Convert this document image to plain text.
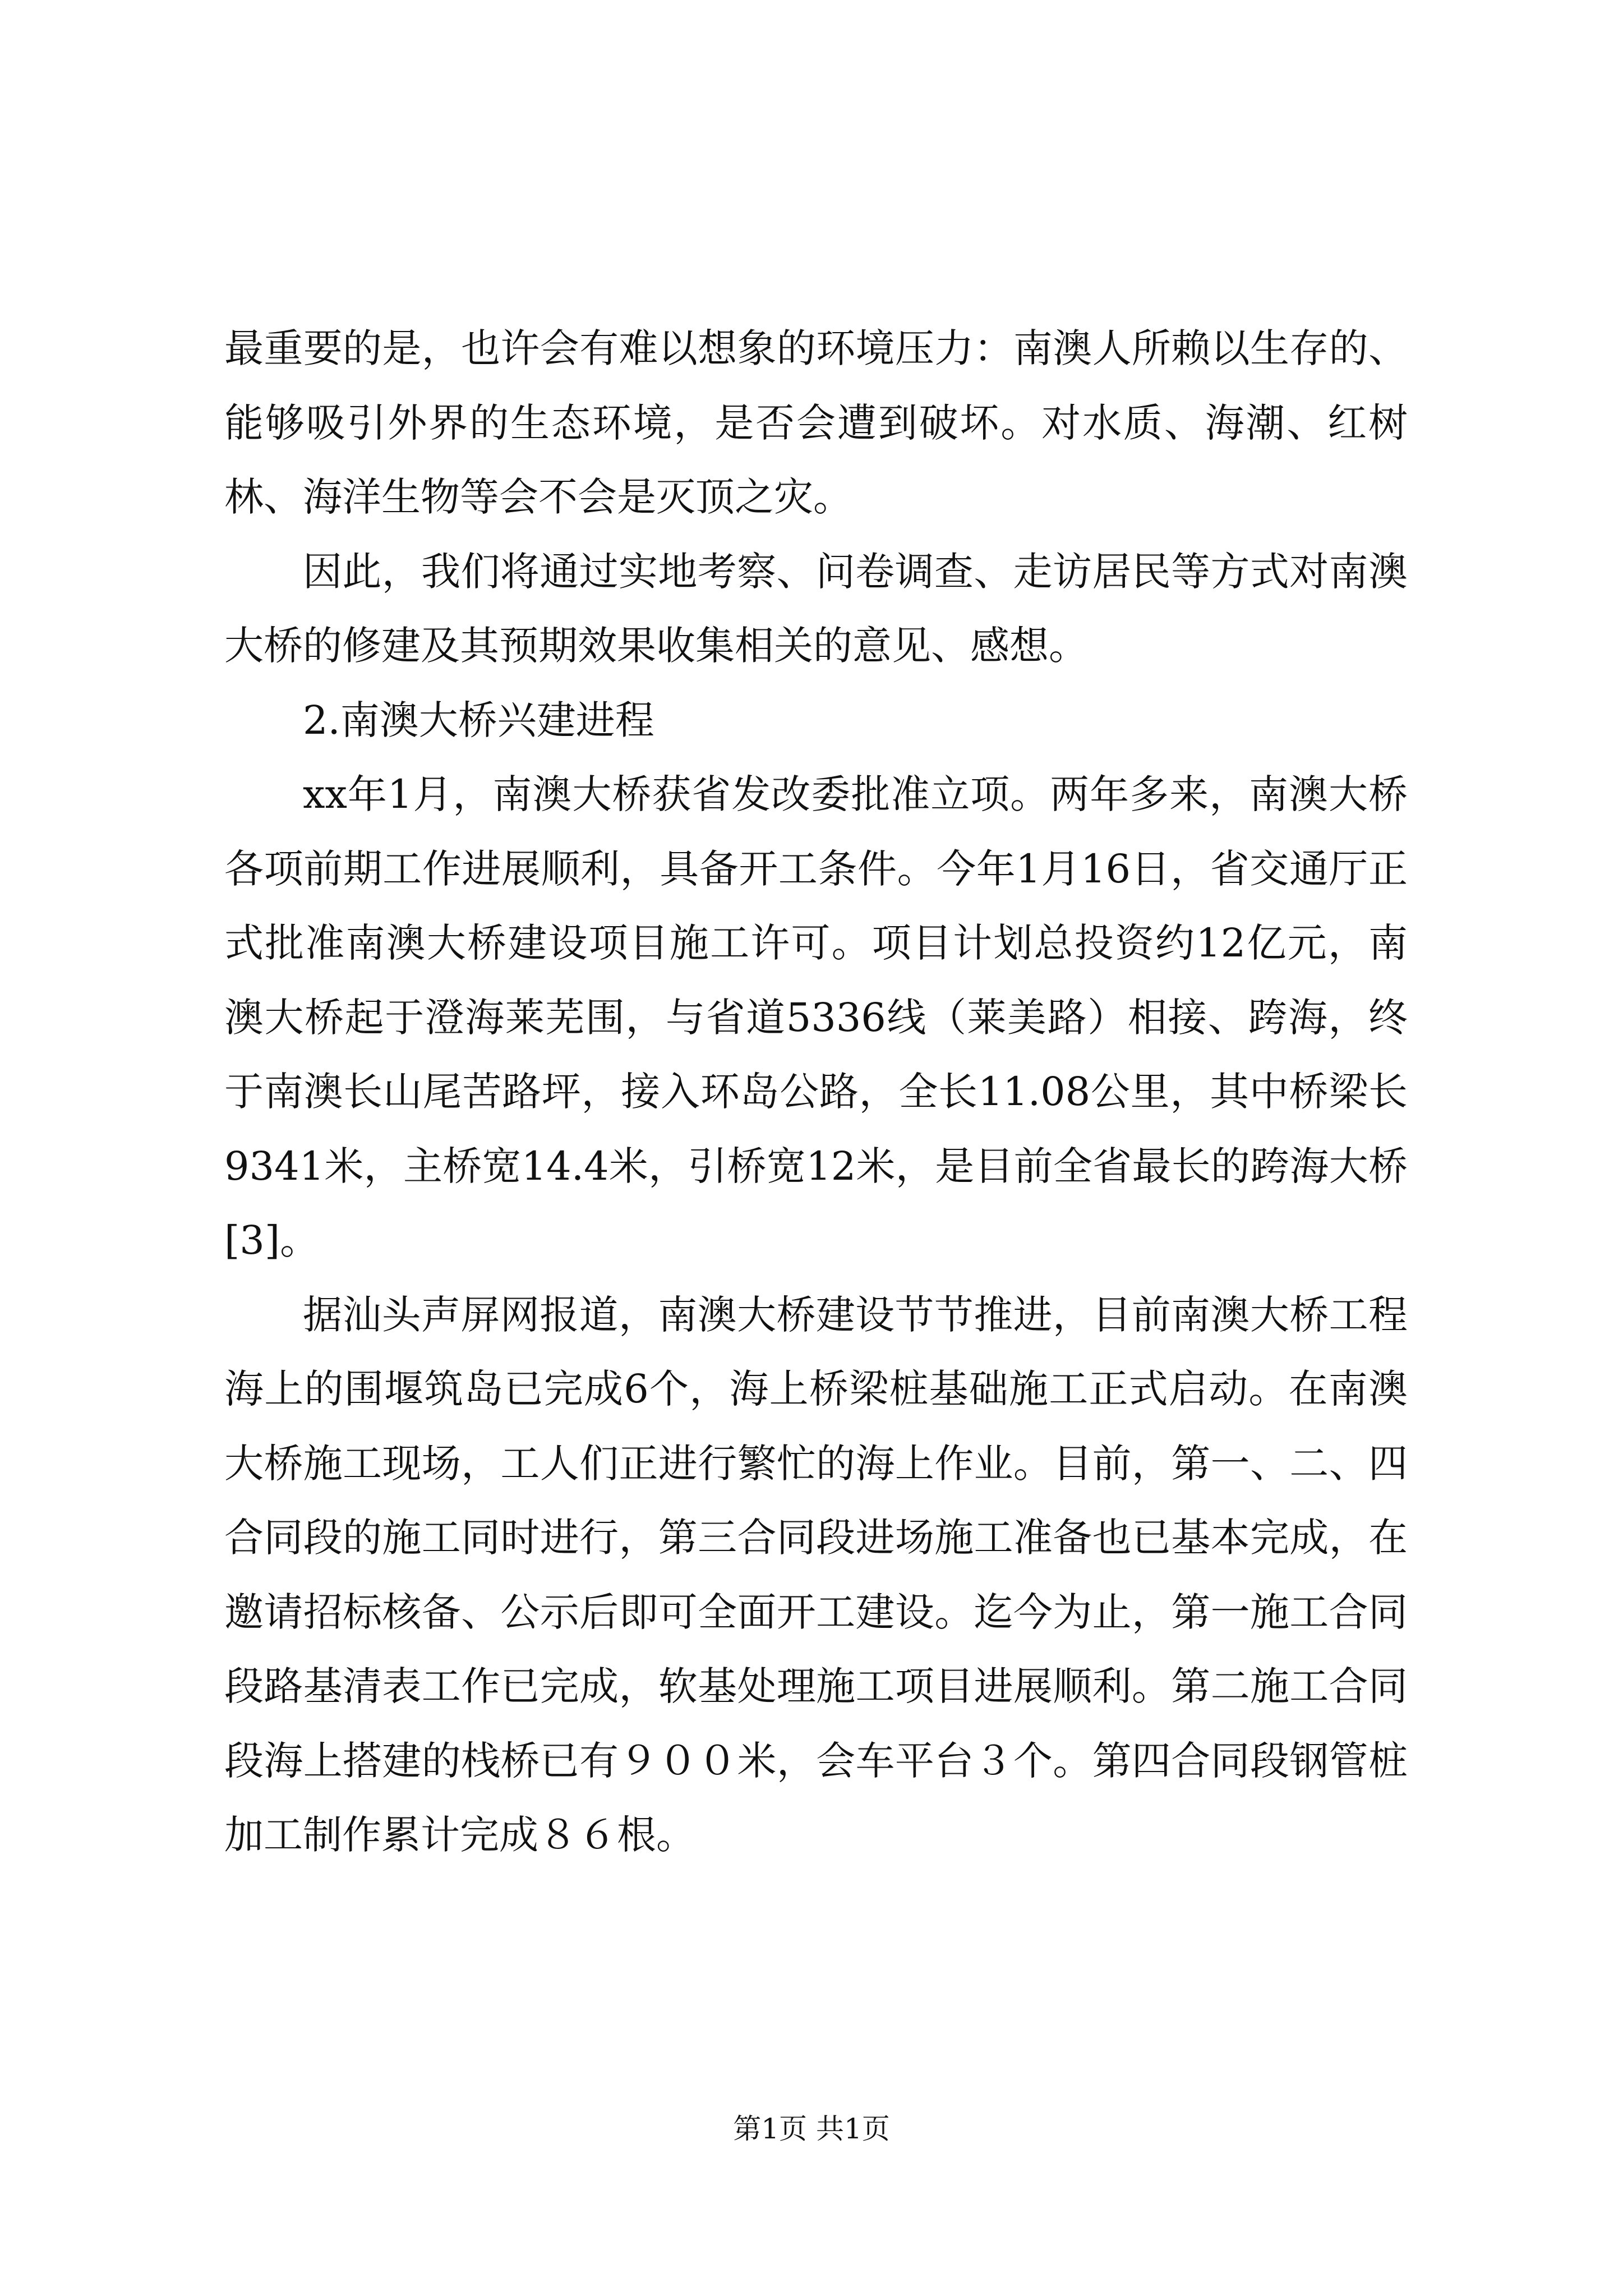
最重要的是，也许会有难以想象的环境压力：南澳人所赖以生存的、能够吸引外界的生态环境，是否会遭到破坏。对水质、海潮、红树林、海洋生物等会不会是灭顶之灾。

因此，我们将通过实地考察、问卷调查、走访居民等方式对南澳大桥的修建及其预期效果收集相关的意见、感想。

2.南澳大桥兴建进程

xx年1月，南澳大桥获省发改委批准立项。两年多来，南澳大桥各项前期工作进展顺利，具备开工条件。今年1月16日，省交通厅正式批准南澳大桥建设项目施工许可。项目计划总投资约12亿元，南澳大桥起于澄海莱芜围，与省道5336线（莱美路）相接、跨海，终于南澳长山尾苦路坪，接入环岛公路，全长11.08公里，其中桥梁长9341米，主桥宽14.4米，引桥宽12米，是目前全省最长的跨海大桥[3]。

据汕头声屏网报道，南澳大桥建设节节推进，目前南澳大桥工程海上的围堰筑岛已完成6个，海上桥梁桩基础施工正式启动。在南澳大桥施工现场，工人们正进行繁忙的海上作业。目前，第一、二、四合同段的施工同时进行，第三合同段进场施工准备也已基本完成，在邀请招标核备、公示后即可全面开工建设。迄今为止，第一施工合同段路基清表工作已完成，软基处理施工项目进展顺利。第二施工合同段海上搭建的栈桥已有９００米，会车平台３个。第四合同段钢管桩加工制作累计完成８６根。

第1页 共1页
